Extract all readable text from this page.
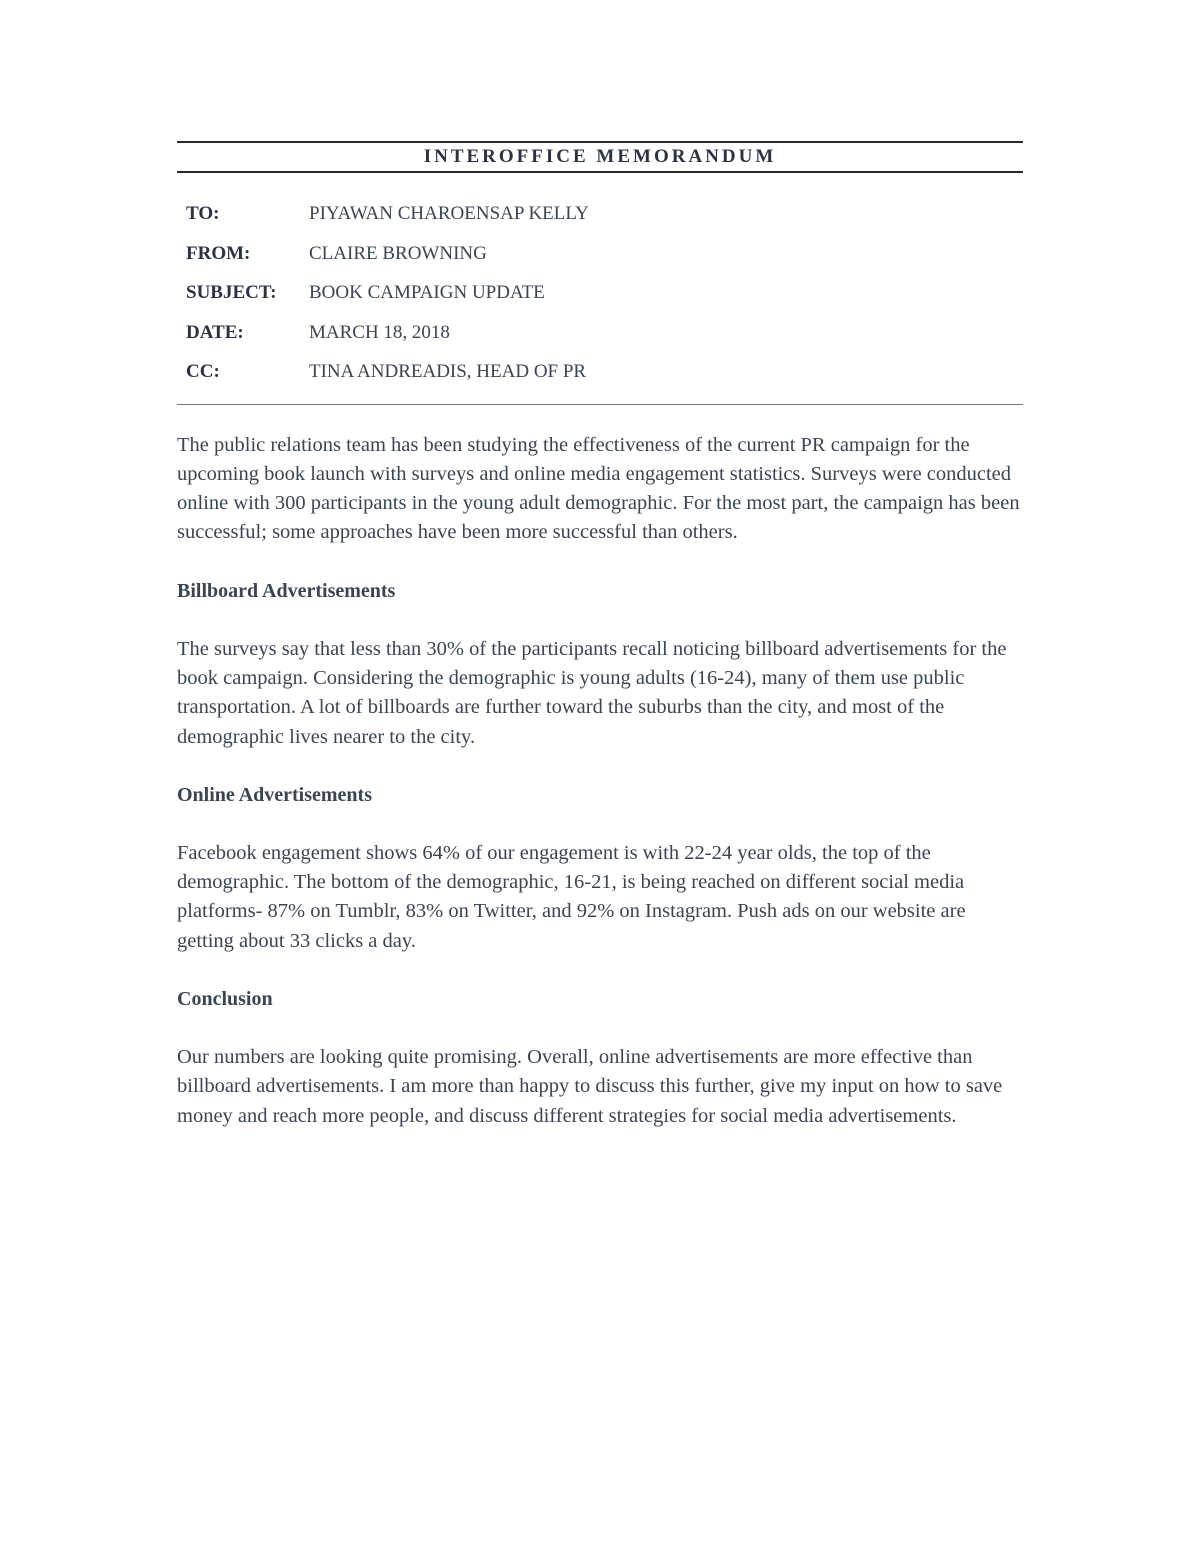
INTEROFFICE MEMORANDUM
TO:	PIYAWAN CHAROENSAP KELLY
FROM:	CLAIRE BROWNING
SUBJECT:	BOOK CAMPAIGN UPDATE
DATE:	MARCH 18, 2018
CC:	TINA ANDREADIS, HEAD OF PR

The public relations team has been studying the effectiveness of the current PR campaign for the upcoming book launch with surveys and online media engagement statistics. Surveys were conducted online with 300 participants in the young adult demographic. For the most part, the campaign has been successful; some approaches have been more successful than others.

Billboard Advertisements

The surveys say that less than 30% of the participants recall noticing billboard advertisements for the book campaign. Considering the demographic is young adults (16-24), many of them use public transportation. A lot of billboards are further toward the suburbs than the city, and most of the demographic lives nearer to the city.

Online Advertisements

Facebook engagement shows 64% of our engagement is with 22-24 year olds, the top of the demographic. The bottom of the demographic, 16-21, is being reached on different social media platforms- 87% on Tumblr, 83% on Twitter, and 92% on Instagram. Push ads on our website are getting about 33 clicks a day.

Conclusion

Our numbers are looking quite promising. Overall, online advertisements are more effective than billboard advertisements. I am more than happy to discuss this further, give my input on how to save money and reach more people, and discuss different strategies for social media advertisements.
